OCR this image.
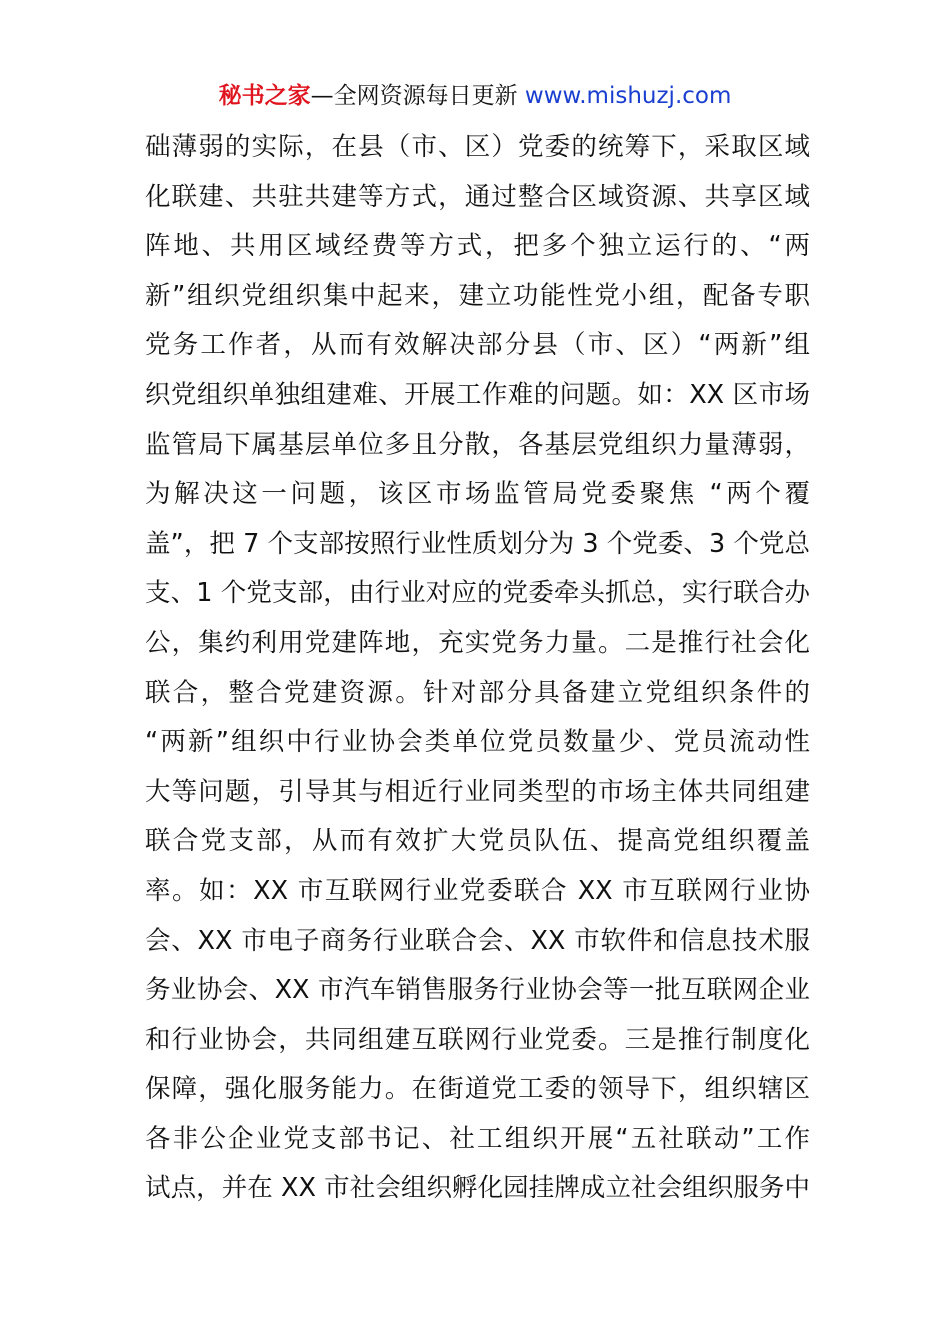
秘书之家—全网资源每日更新 www.mishuzj.com
础薄弱的实际，在县（市、区）党委的统筹下，采取区域
化联建、共驻共建等方式，通过整合区域资源、共享区域
阵地、共用区域经费等方式，把多个独立运行的、“两
新”组织党组织集中起来，建立功能性党小组，配备专职
党务工作者，从而有效解决部分县（市、区）“两新”组
织党组织单独组建难、开展工作难的问题。如：XX 区市场
监管局下属基层单位多且分散，各基层党组织力量薄弱，
为解决这一问题，该区市场监管局党委聚焦 “两个覆
盖”，把 7 个支部按照行业性质划分为 3 个党委、3 个党总
支、1 个党支部，由行业对应的党委牵头抓总，实行联合办
公，集约利用党建阵地，充实党务力量。二是推行社会化
联合，整合党建资源。针对部分具备建立党组织条件的
“两新”组织中行业协会类单位党员数量少、党员流动性
大等问题，引导其与相近行业同类型的市场主体共同组建
联合党支部，从而有效扩大党员队伍、提高党组织覆盖
率。如：XX 市互联网行业党委联合 XX 市互联网行业协
会、XX 市电子商务行业联合会、XX 市软件和信息技术服
务业协会、XX 市汽车销售服务行业协会等一批互联网企业
和行业协会，共同组建互联网行业党委。三是推行制度化
保障，强化服务能力。在街道党工委的领导下，组织辖区
各非公企业党支部书记、社工组织开展“五社联动”工作
试点，并在 XX 市社会组织孵化园挂牌成立社会组织服务中
